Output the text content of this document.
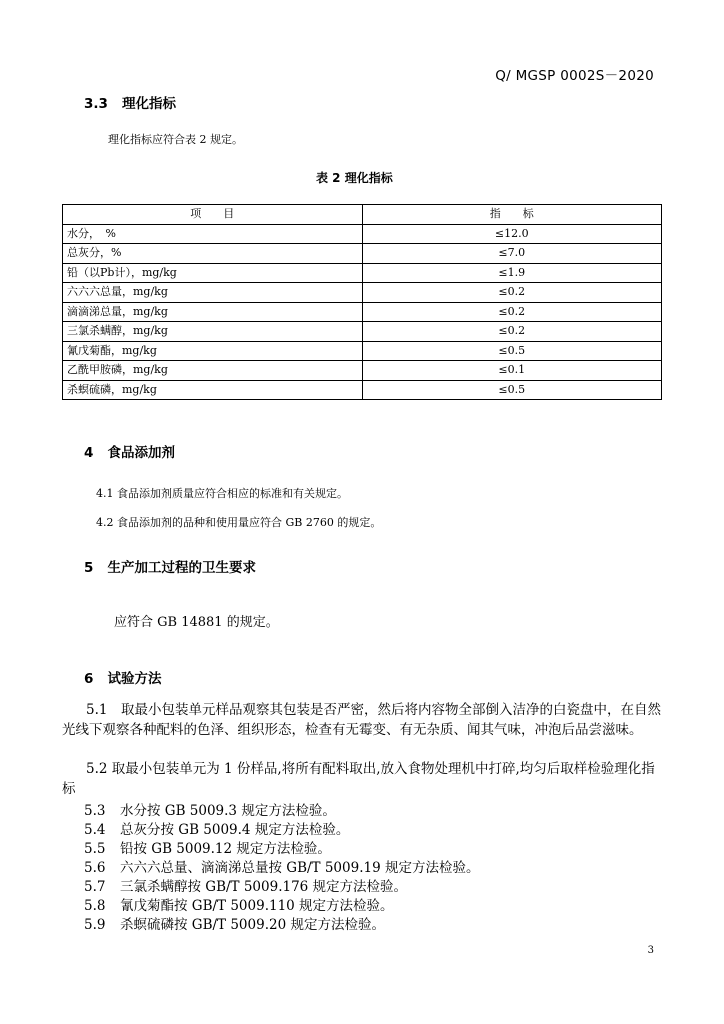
Q/ MGSP 0002S－2020
3.3 理化指标
理化指标应符合表 2 规定。
表 2 理化指标
项　　目	指　　标
水分，　%	≤12.0
总灰分，%	≤7.0
铅（以Pb计），mg/kg	≤1.9
六六六总量，mg/kg	≤0.2
滴滴涕总量，mg/kg	≤0.2
三氯杀螨醇，mg/kg	≤0.2
氰戊菊酯，mg/kg	≤0.5
乙酰甲胺磷，mg/kg	≤0.1
杀螟硫磷，mg/kg	≤0.5
4 食品添加剂
4.1 食品添加剂质量应符合相应的标准和有关规定。
4.2 食品添加剂的品种和使用量应符合 GB 2760 的规定。
5 生产加工过程的卫生要求
应符合 GB 14881 的规定。
6 试验方法
5.1　取最小包装单元样品观察其包装是否严密，然后将内容物全部倒入洁净的白瓷盘中，在自然光线下观察各种配料的色泽、组织形态，检查有无霉变、有无杂质、闻其气味，冲泡后品尝滋味。
5.2 取最小包装单元为 1 份样品,将所有配料取出,放入食物处理机中打碎,均匀后取样检验理化指标
5.3 水分按 GB 5009.3 规定方法检验。
5.4 总灰分按 GB 5009.4 规定方法检验。
5.5 铅按 GB 5009.12 规定方法检验。
5.6 六六六总量、滴滴涕总量按 GB/T 5009.19 规定方法检验。
5.7 三氯杀螨醇按 GB/T 5009.176 规定方法检验。
5.8 氰戊菊酯按 GB/T 5009.110 规定方法检验。
5.9 杀螟硫磷按 GB/T 5009.20 规定方法检验。
3
